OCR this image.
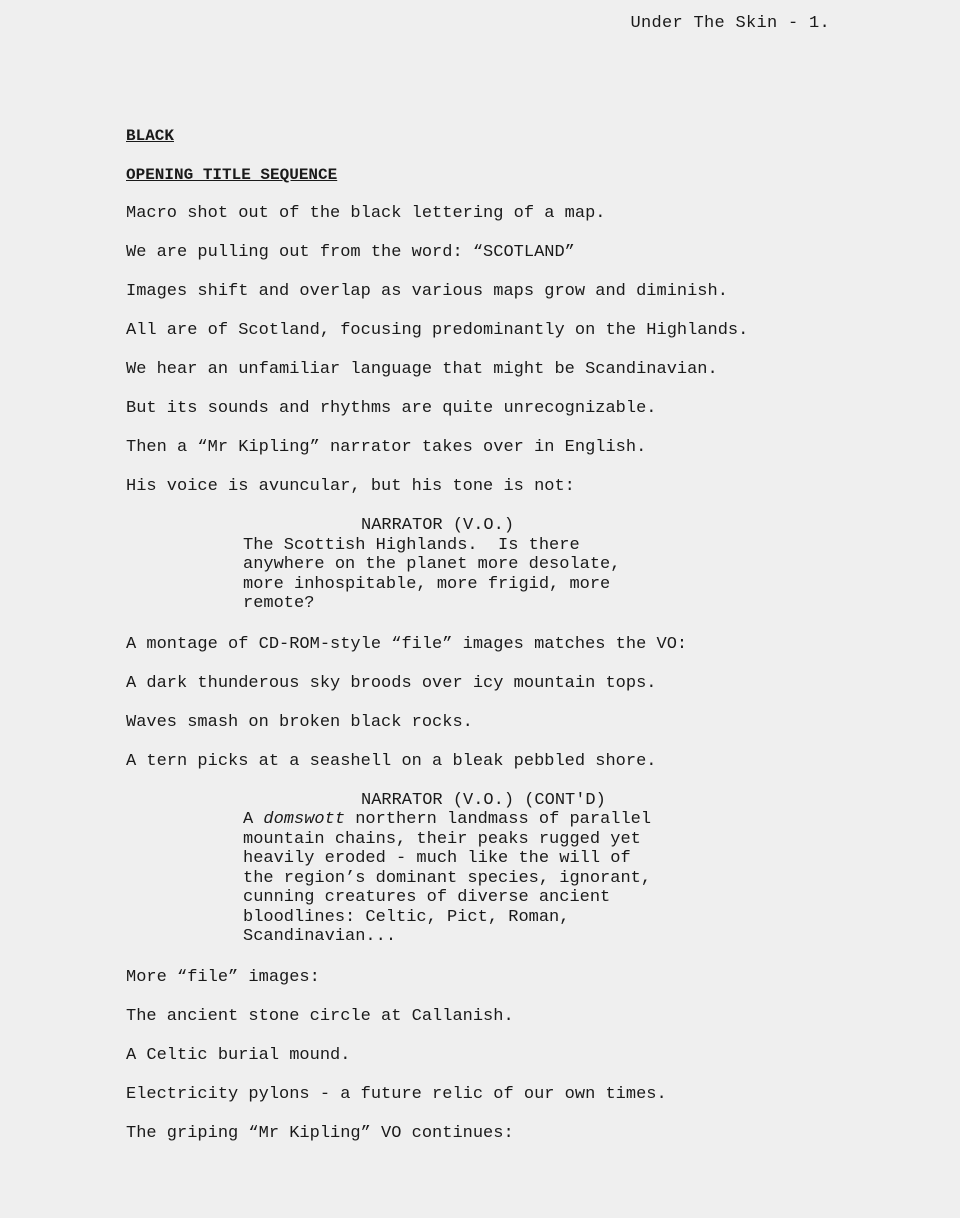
Under The Skin - 1.
BLACK
OPENING TITLE SEQUENCE
Macro shot out of the black lettering of a map.
We are pulling out from the word: “SCOTLAND”
Images shift and overlap as various maps grow and diminish.
All are of Scotland, focusing predominantly on the Highlands.
We hear an unfamiliar language that might be Scandinavian.
But its sounds and rhythms are quite unrecognizable.
Then a “Mr Kipling” narrator takes over in English.
His voice is avuncular, but his tone is not:
NARRATOR (V.O.)
The Scottish Highlands.  Is there
anywhere on the planet more desolate,
more inhospitable, more frigid, more
remote?
A montage of CD-ROM-style “file” images matches the VO:
A dark thunderous sky broods over icy mountain tops.
Waves smash on broken black rocks.
A tern picks at a seashell on a bleak pebbled shore.
NARRATOR (V.O.) (CONT'D)
A domswott northern landmass of parallel
mountain chains, their peaks rugged yet
heavily eroded - much like the will of
the region’s dominant species, ignorant,
cunning creatures of diverse ancient
bloodlines: Celtic, Pict, Roman,
Scandinavian...
More “file” images:
The ancient stone circle at Callanish.
A Celtic burial mound.
Electricity pylons - a future relic of our own times.
The griping “Mr Kipling” VO continues:
